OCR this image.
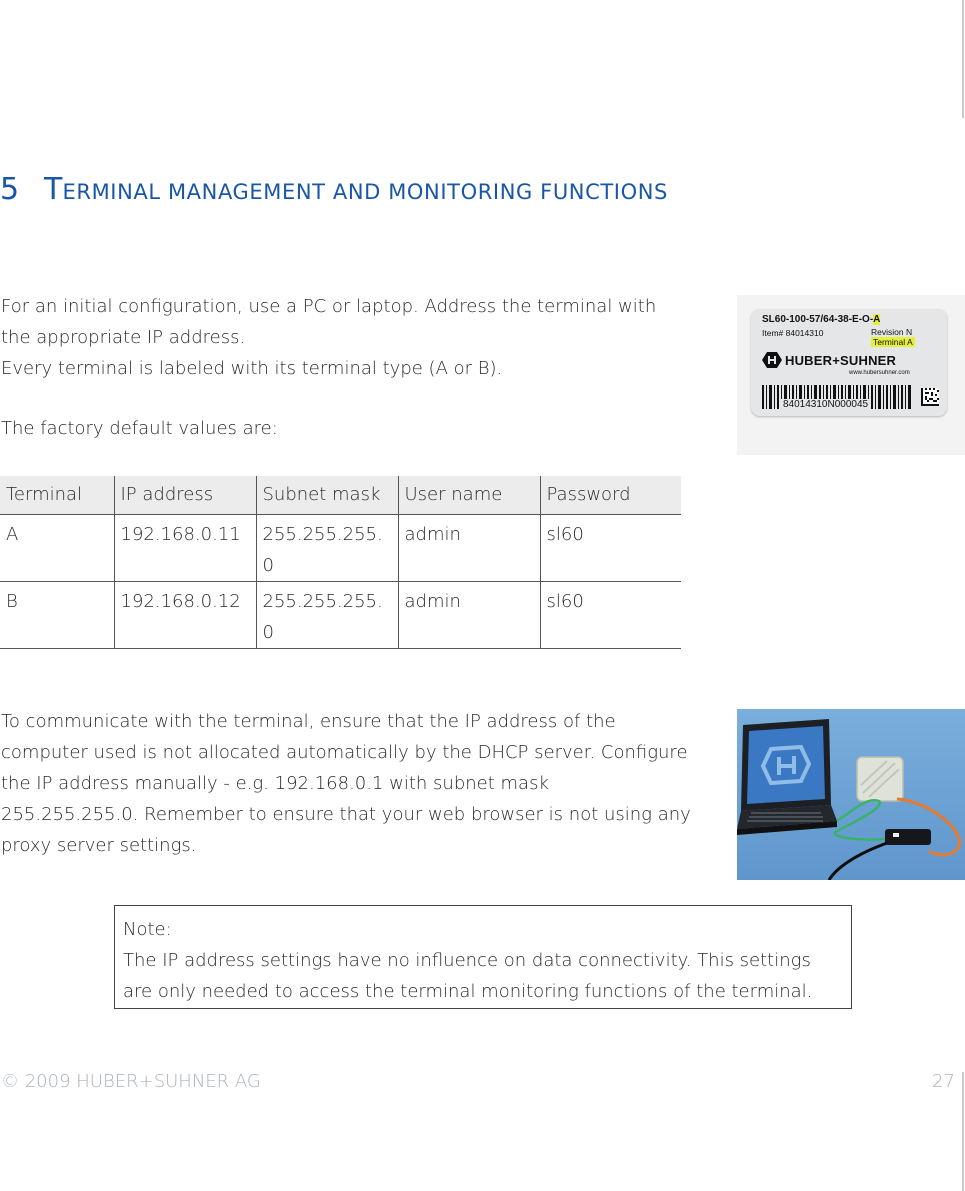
5 TERMINAL MANAGEMENT AND MONITORING FUNCTIONS
For an initial configuration, use a PC or laptop. Address the terminal with the appropriate IP address.
Every terminal is labeled with its terminal type (A or B).
The factory default values are:
SL60-100-57/64-38-E-O-A
Item# 84014310	Revision N
Terminal A
HUBER+SUHNER
www.hubersuhner.com
84014310N000045
Terminal	IP address	Subnet mask	User name	Password
A	192.168.0.11	255.255.255.0	admin	sl60
B	192.168.0.12	255.255.255.0	admin	sl60
To communicate with the terminal, ensure that the IP address of the computer used is not allocated automatically by the DHCP server. Configure the IP address manually - e.g. 192.168.0.1 with subnet mask 255.255.255.0. Remember to ensure that your web browser is not using any proxy server settings.
Note:
The IP address settings have no influence on data connectivity. This settings are only needed to access the terminal monitoring functions of the terminal.
© 2009 HUBER+SUHNER AG	27
